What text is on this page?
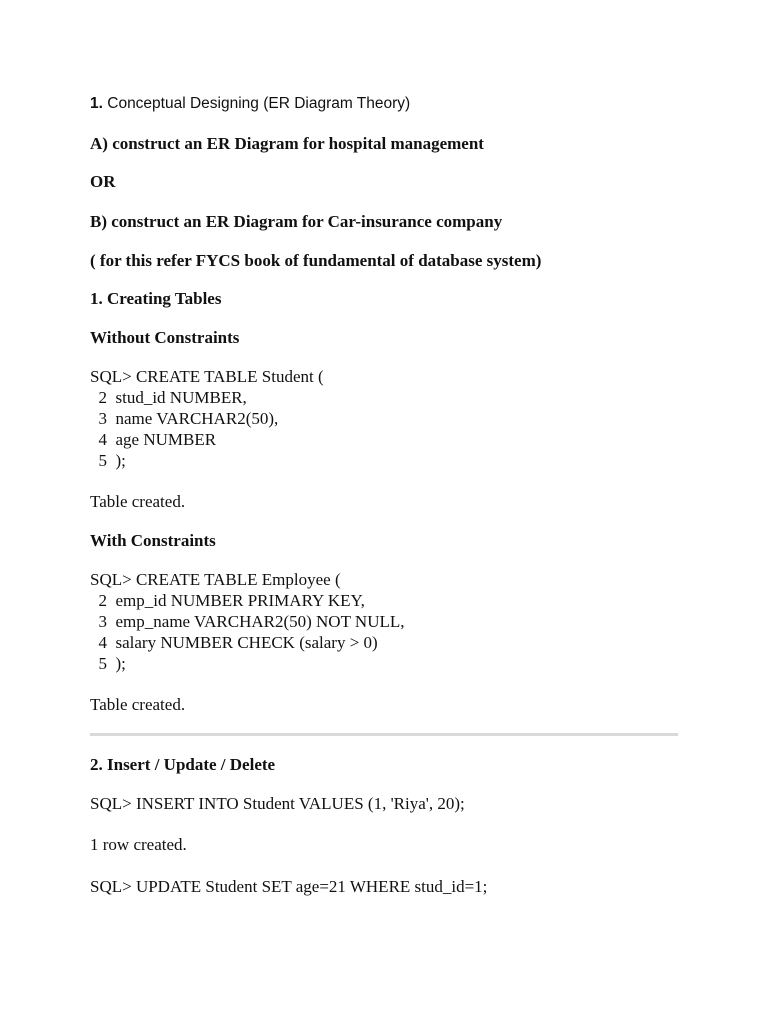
1. Conceptual Designing (ER Diagram Theory)
A) construct an ER Diagram for hospital management
OR
B) construct an ER Diagram for Car-insurance company
( for this refer FYCS book of fundamental of database system)
1. Creating Tables
Without Constraints
SQL> CREATE TABLE Student (
2  stud_id NUMBER,
3  name VARCHAR2(50),
4  age NUMBER
5  );
Table created.
With Constraints
SQL> CREATE TABLE Employee (
2  emp_id NUMBER PRIMARY KEY,
3  emp_name VARCHAR2(50) NOT NULL,
4  salary NUMBER CHECK (salary > 0)
5  );
Table created.
2. Insert / Update / Delete
SQL> INSERT INTO Student VALUES (1, 'Riya', 20);
1 row created.
SQL> UPDATE Student SET age=21 WHERE stud_id=1;
